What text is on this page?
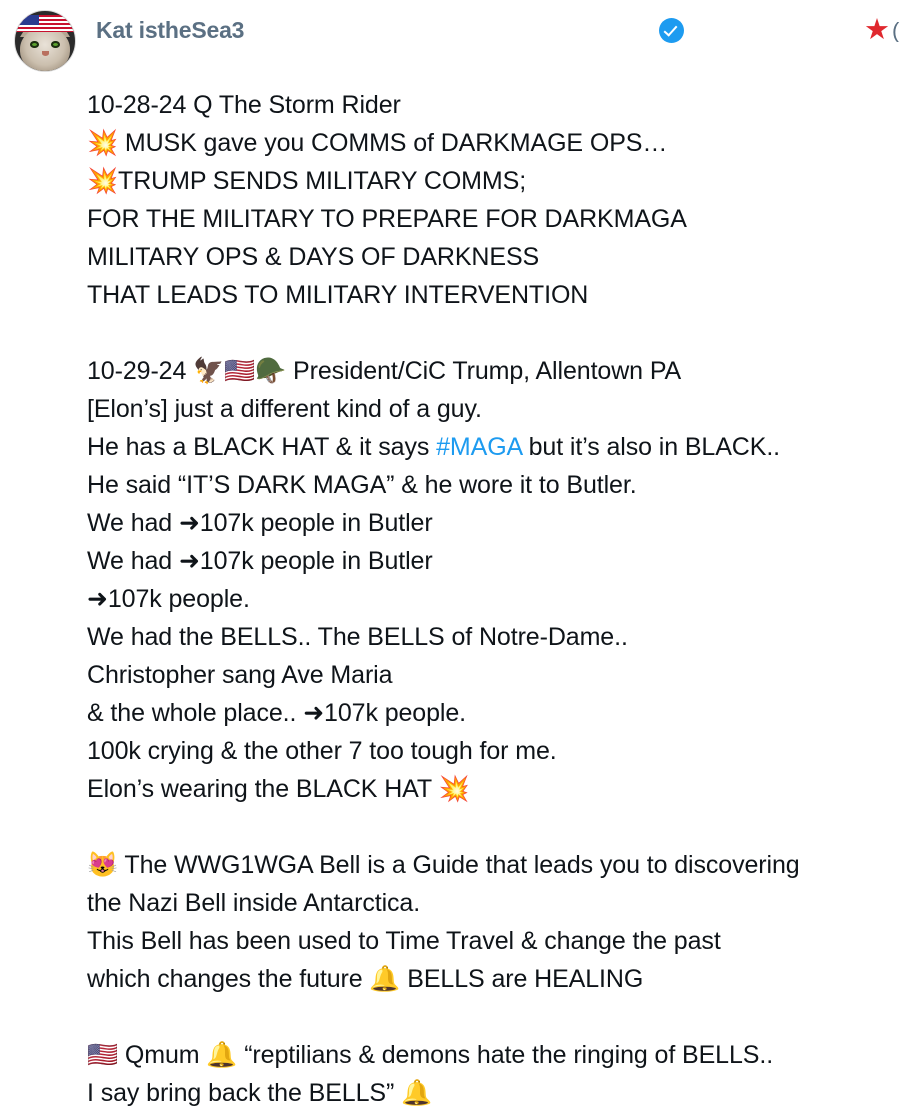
Kat istheSea3	★ (
10-28-24 Q The Storm Rider
💥 MUSK gave you COMMS of DARKMAGE OPS…
💥TRUMP SENDS MILITARY COMMS;
FOR THE MILITARY TO PREPARE FOR DARKMAGA
MILITARY OPS & DAYS OF DARKNESS
THAT LEADS TO MILITARY INTERVENTION
10-29-24 🦅🇺🇸🪖 President/CiC Trump, Allentown PA
[Elon’s] just a different kind of a guy.
He has a BLACK HAT & it says #MAGA but it’s also in BLACK..
He said “IT’S DARK MAGA” & he wore it to Butler.
We had ➜107k people in Butler
We had ➜107k people in Butler
➜107k people.
We had the BELLS.. The BELLS of Notre-Dame..
Christopher sang Ave Maria
& the whole place.. ➜107k people.
100k crying & the other 7 too tough for me.
Elon’s wearing the BLACK HAT 💥
😻 The WWG1WGA Bell is a Guide that leads you to discovering
the Nazi Bell inside Antarctica.
This Bell has been used to Time Travel & change the past
which changes the future 🔔 BELLS are HEALING
🇺🇸 Qmum 🔔 “reptilians & demons hate the ringing of BELLS..
I say bring back the BELLS” 🔔
